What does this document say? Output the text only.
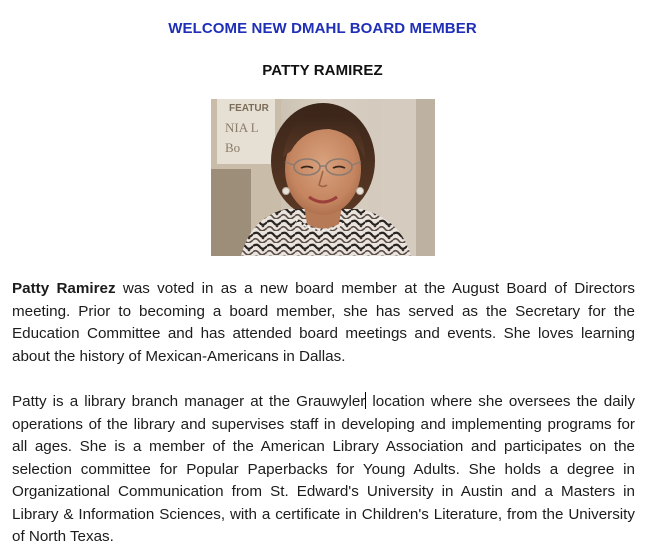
WELCOME NEW DMAHL BOARD MEMBER
PATTY RAMIREZ
FEATUR
NIA L
Bo
Patty Ramirez was voted in as a new board member at the August Board of Directors meeting. Prior to becoming a board member, she has served as the Secretary for the Education Committee and has attended board meetings and events. She loves learning about the history of Mexican-Americans in Dallas.
Patty is a library branch manager at the Grauwyler location where she oversees the daily operations of the library and supervises staff in developing and implementing programs for all ages. She is a member of the American Library Association and participates on the selection committee for Popular Paperbacks for Young Adults. She holds a degree in Organizational Communication from St. Edward's University in Austin and a Masters in Library & Information Sciences, with a certificate in Children's Literature, from the University of North Texas.
